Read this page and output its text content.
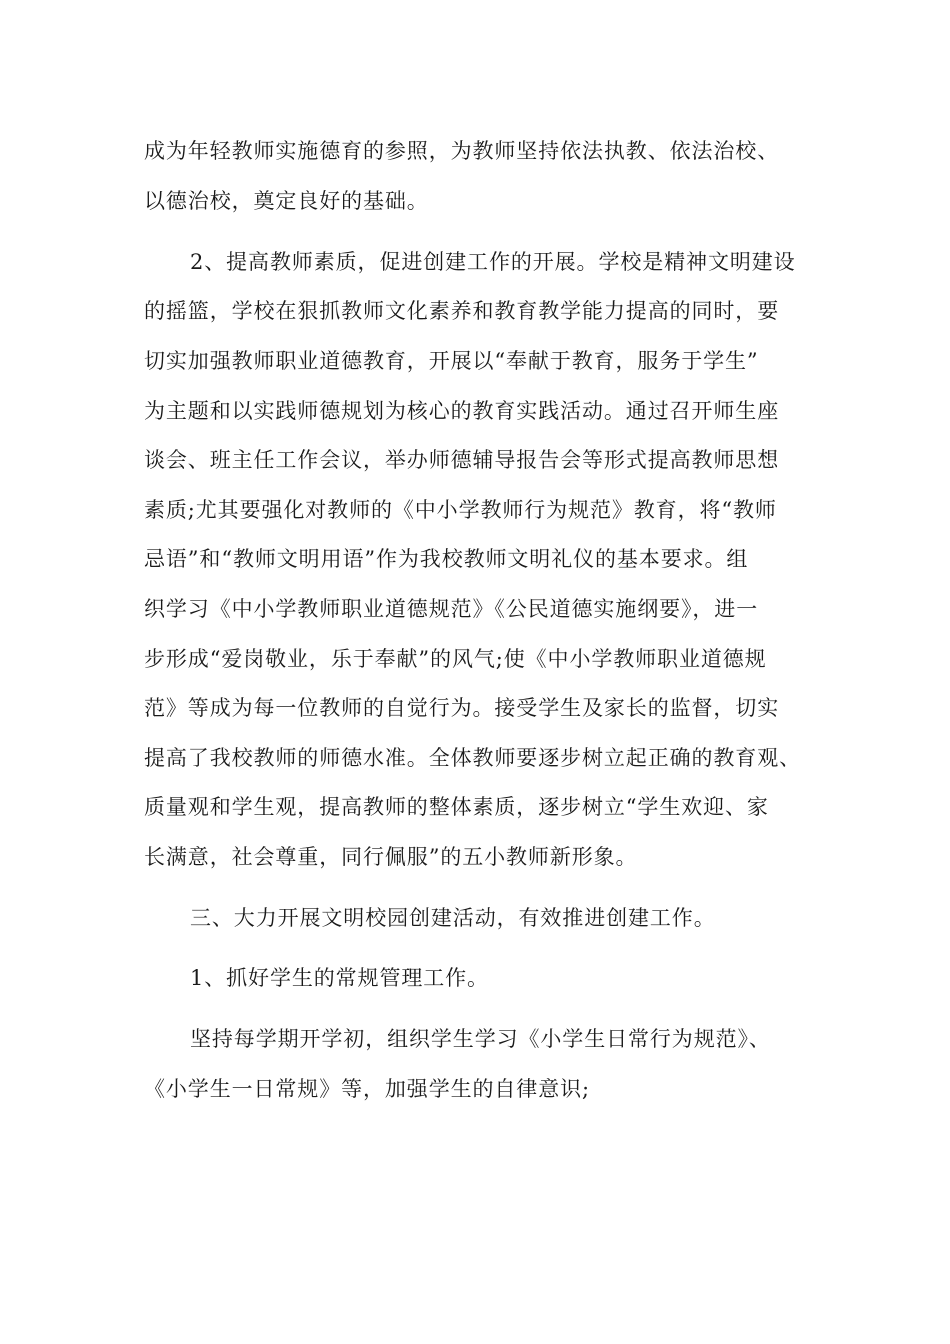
成为年轻教师实施德育的参照，为教师坚持依法执教、依法治校、
以德治校，奠定良好的基础。
2、提高教师素质，促进创建工作的开展。学校是精神文明建设
的摇篮，学校在狠抓教师文化素养和教育教学能力提高的同时，要
切实加强教师职业道德教育，开展以“奉献于教育，服务于学生”
为主题和以实践师德规划为核心的教育实践活动。通过召开师生座
谈会、班主任工作会议，举办师德辅导报告会等形式提高教师思想
素质;尤其要强化对教师的《中小学教师行为规范》教育，将“教师
忌语”和“教师文明用语”作为我校教师文明礼仪的基本要求。组
织学习《中小学教师职业道德规范》《公民道德实施纲要》，进一
步形成“爱岗敬业，乐于奉献”的风气;使《中小学教师职业道德规
范》等成为每一位教师的自觉行为。接受学生及家长的监督，切实
提高了我校教师的师德水准。全体教师要逐步树立起正确的教育观、
质量观和学生观，提高教师的整体素质，逐步树立“学生欢迎、家
长满意，社会尊重，同行佩服”的五小教师新形象。
三、大力开展文明校园创建活动，有效推进创建工作。
1、抓好学生的常规管理工作。
坚持每学期开学初，组织学生学习《小学生日常行为规范》、
《小学生一日常规》等，加强学生的自律意识;
